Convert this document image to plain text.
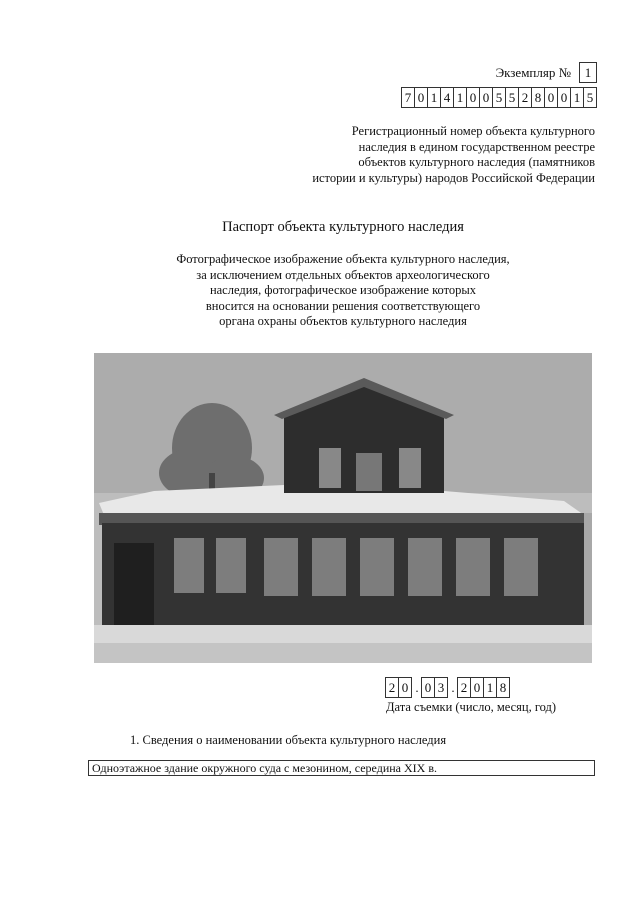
Экземпляр №	1
7 0 1 4 1 0 0 5 5 2 8 0 0 1 5
Регистрационный номер объекта культурного
наследия в едином государственном реестре
объектов культурного наследия (памятников
истории и культуры) народов Российской Федерации
Паспорт объекта культурного наследия
Фотографическое изображение объекта культурного наследия,
за исключением отдельных объектов археологического
наследия, фотографическое изображение которых
вносится на основании решения соответствующего
органа охраны объектов культурного наследия
2 0 . 0 3 . 2 0 1 8
Дата съемки (число, месяц, год)
1. Сведения о наименовании объекта культурного наследия
Одноэтажное здание окружного суда с мезонином, середина XIX в.
